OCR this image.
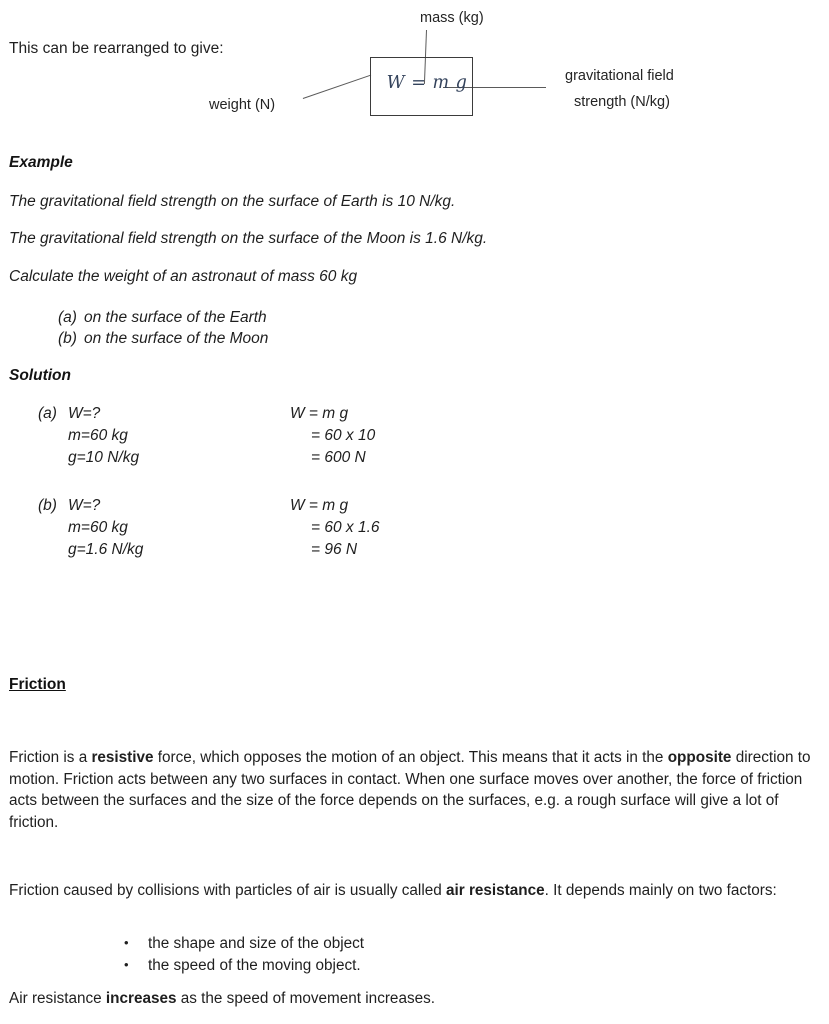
This can be rearranged to give:
W = m g
mass (kg)
weight (N)
gravitational field
strength (N/kg)
Example
The gravitational field strength on the surface of Earth is 10 N/kg.
The gravitational field strength on the surface of the Moon is 1.6 N/kg.
Calculate the weight of an astronaut of mass 60 kg
(a) on the surface of the Earth
(b) on the surface of the Moon
Solution
(a) W=?	W = m g
m=60 kg	= 60 x 10
g=10 N/kg	= 600 N
(b) W=?	W = m g
m=60 kg	= 60 x 1.6
g=1.6 N/kg	= 96 N
Friction
Friction is a resistive force, which opposes the motion of an object. This means that it acts in the opposite direction to motion. Friction acts between any two surfaces in contact. When one surface moves over another, the force of friction acts between the surfaces and the size of the force depends on the surfaces, e.g. a rough surface will give a lot of friction.
Friction caused by collisions with particles of air is usually called air resistance. It depends mainly on two factors:
• the shape and size of the object
• the speed of the moving object.
Air resistance increases as the speed of movement increases.
